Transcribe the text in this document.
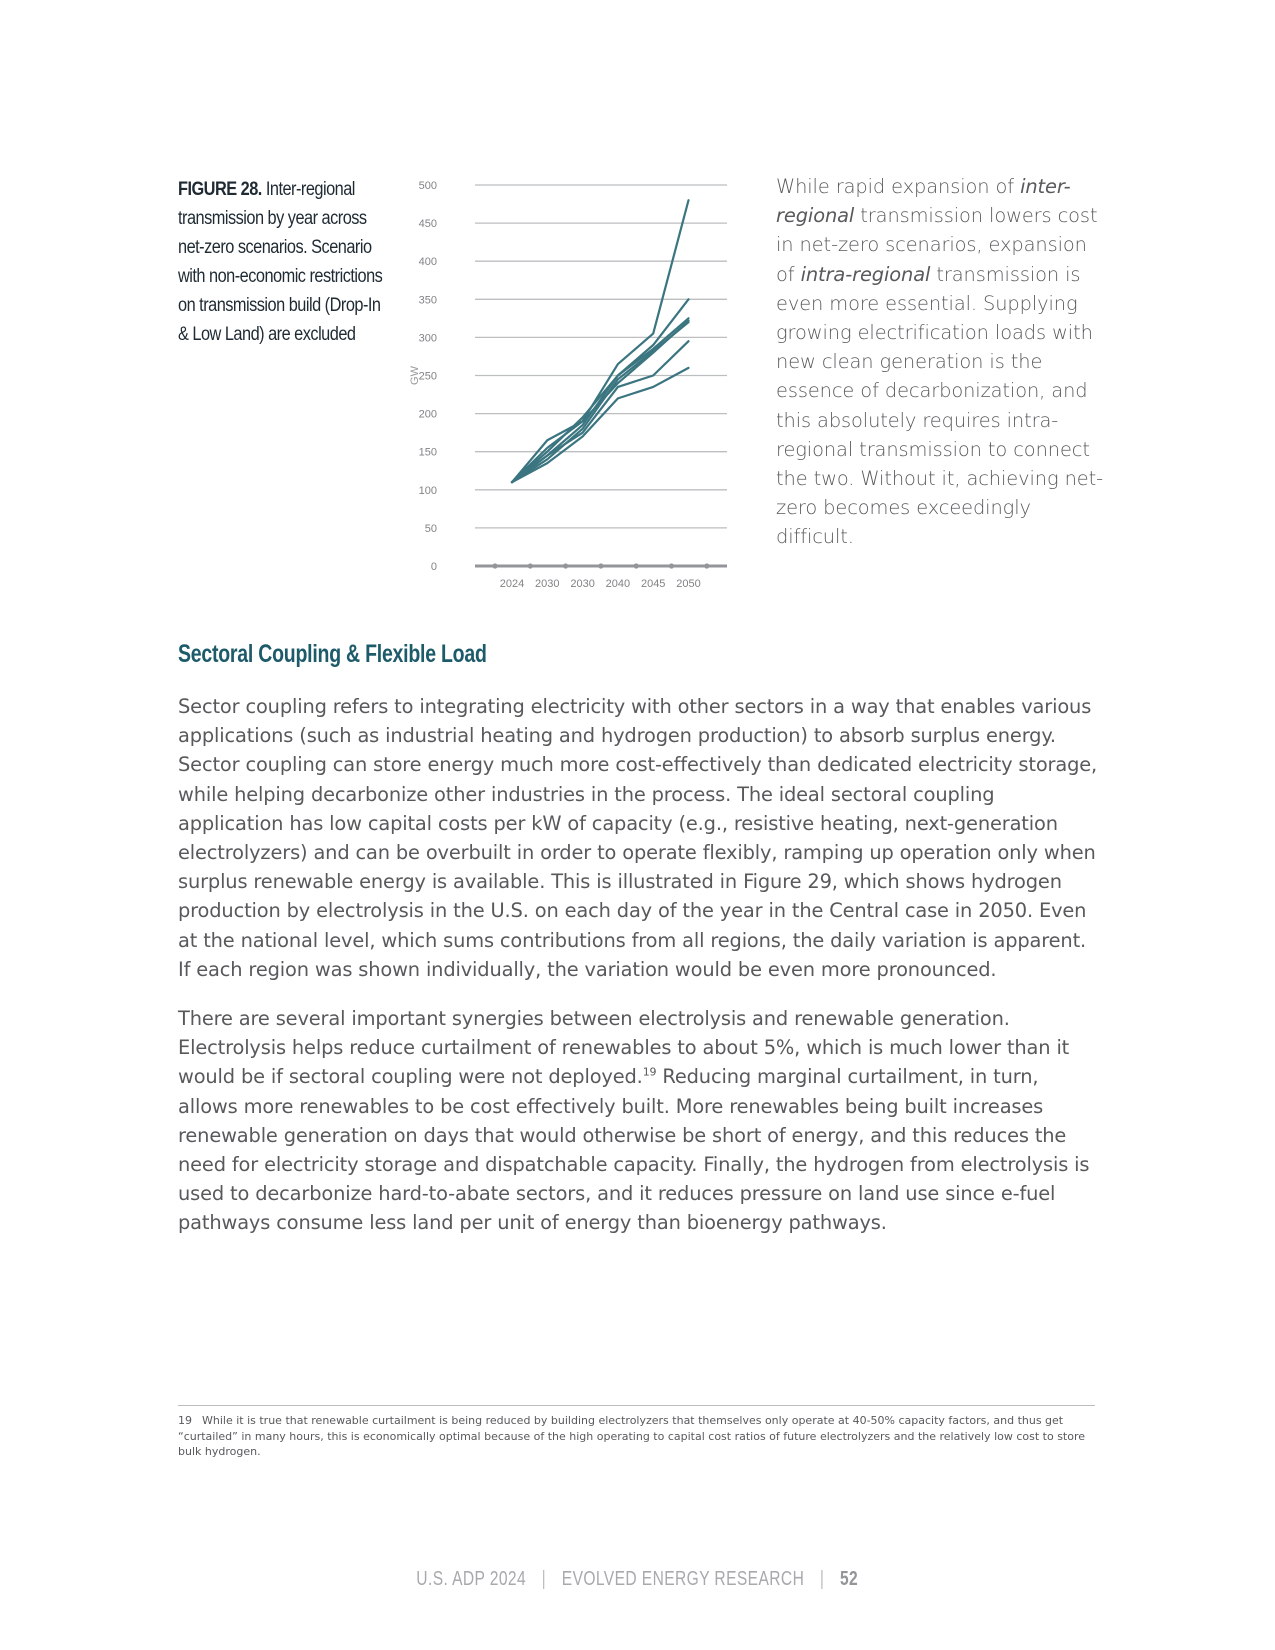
FIGURE 28. Inter-regional transmission by year across net-zero scenarios. Scenario with non-economic restrictions on transmission build (Drop-In & Low Land) are excluded
0
50
100
150
200
250
300
350
400
450
500
2024 2030 2030 2040 2045 2050
GW

While rapid expansion of inter-regional transmission lowers cost in net-zero scenarios, expansion of intra-regional transmission is even more essential. Supplying growing electrification loads with new clean generation is the essence of decarbonization, and this absolutely requires intra-regional transmission to connect the two. Without it, achieving net-zero becomes exceedingly difficult.

Sectoral Coupling & Flexible Load

Sector coupling refers to integrating electricity with other sectors in a way that enables various applications (such as industrial heating and hydrogen production) to absorb surplus energy. Sector coupling can store energy much more cost-effectively than dedicated electricity storage, while helping decarbonize other industries in the process. The ideal sectoral coupling application has low capital costs per kW of capacity (e.g., resistive heating, next-generation electrolyzers) and can be overbuilt in order to operate flexibly, ramping up operation only when surplus renewable energy is available. This is illustrated in Figure 29, which shows hydrogen production by electrolysis in the U.S. on each day of the year in the Central case in 2050. Even at the national level, which sums contributions from all regions, the daily variation is apparent. If each region was shown individually, the variation would be even more pronounced.

There are several important synergies between electrolysis and renewable generation. Electrolysis helps reduce curtailment of renewables to about 5%, which is much lower than it would be if sectoral coupling were not deployed.$^{19}$ Reducing marginal curtailment, in turn, allows more renewables to be cost effectively built. More renewables being built increases renewable generation on days that would otherwise be short of energy, and this reduces the need for electricity storage and dispatchable capacity. Finally, the hydrogen from electrolysis is used to decarbonize hard-to-abate sectors, and it reduces pressure on land use since e-fuel pathways consume less land per unit of energy than bioenergy pathways.

19 While it is true that renewable curtailment is being reduced by building electrolyzers that themselves only operate at 40-50% capacity factors, and thus get “curtailed” in many hours, this is economically optimal because of the high operating to capital cost ratios of future electrolyzers and the relatively low cost to store bulk hydrogen.
U.S. ADP 2024 | EVOLVED ENERGY RESEARCH | 52
